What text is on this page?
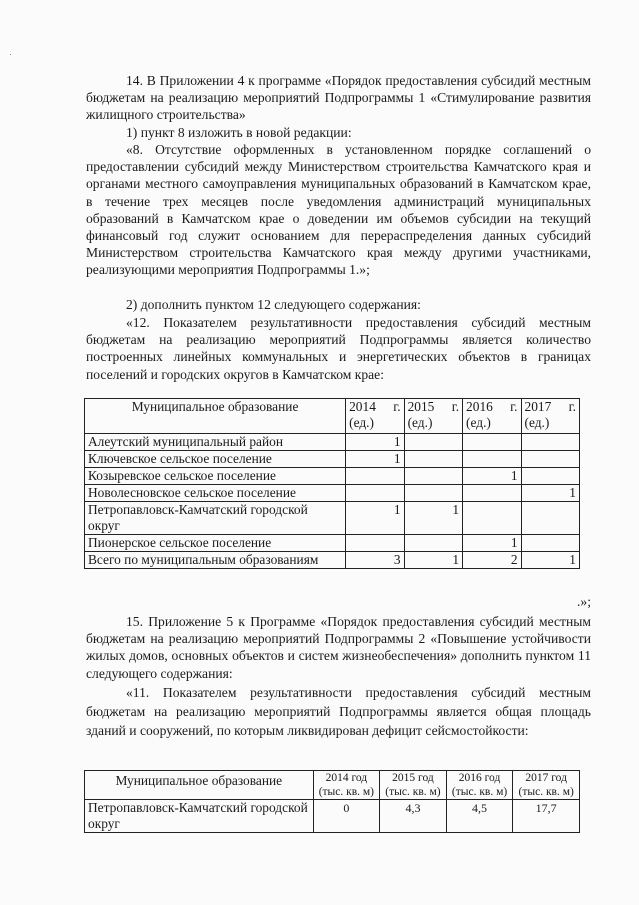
14. В Приложении 4 к программе «Порядок предоставления субсидий местным бюджетам на реализацию мероприятий Подпрограммы 1 «Стимулирование развития жилищного строительства»

1) пункт 8 изложить в новой редакции:

«8. Отсутствие оформленных в установленном порядке соглашений о предоставлении субсидий между Министерством строительства Камчатского края и органами местного самоуправления муниципальных образований в Камчатском крае, в течение трех месяцев после уведомления администраций муниципальных образований в Камчатском крае о доведении им объемов субсидии на текущий финансовый год служит основанием для перераспределения данных субсидий Министерством строительства Камчатского края между другими участниками, реализующими мероприятия Подпрограммы 1.»;

2) дополнить пунктом 12 следующего содержания:

«12. Показателем результативности предоставления субсидий местным бюджетам на реализацию мероприятий Подпрограммы является количество построенных линейных коммунальных и энергетических объектов в границах поселений и городских округов в Камчатском крае:

Муниципальное образование	2014 г. (ед.)	2015 г. (ед.)	2016 г. (ед.)	2017 г. (ед.)
Алеутский муниципальный район	1			
Ключевское сельское поселение	1			
Козыревское сельское поселение			1	
Новолесновское сельское поселение				1
Петропавловск-Камчатский городской округ	1	1		
Пионерское сельское поселение			1	
Всего по муниципальным образованиям	3	1	2	1
.»;

15. Приложение 5 к Программе «Порядок предоставления субсидий местным бюджетам на реализацию мероприятий Подпрограммы 2 «Повышение устойчивости жилых домов, основных объектов и систем жизнеобеспечения» дополнить пунктом 11 следующего содержания:

«11. Показателем результативности предоставления субсидий местным бюджетам на реализацию мероприятий Подпрограммы является общая площадь зданий и сооружений, по которым ликвидирован дефицит сейсмостойкости:

Муниципальное образование	2014 год (тыс. кв. м)	2015 год (тыс. кв. м)	2016 год (тыс. кв. м)	2017 год (тыс. кв. м)
Петропавловск-Камчатский городской округ	0	4,3	4,5	17,7
